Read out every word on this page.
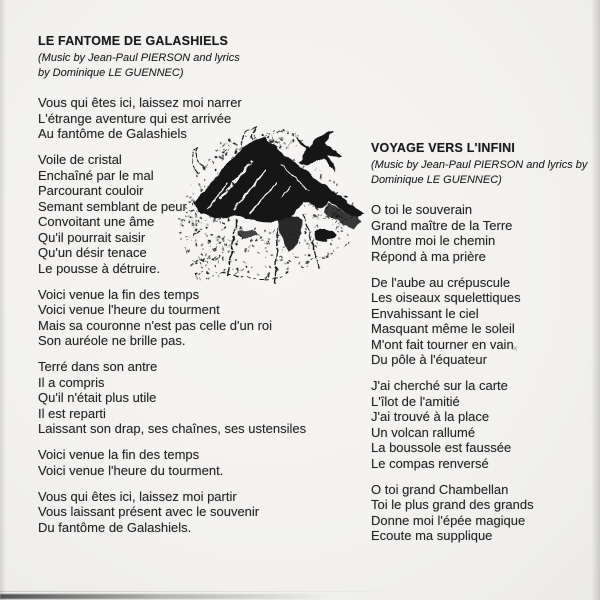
LE FANTOME DE GALASHIELS

(Music by Jean-Paul PIERSON and lyrics
by Dominique LE GUENNEC)

Vous qui êtes ici, laissez moi narrer
L'étrange aventure qui est arrivée
Au fantôme de Galashiels

Voile de cristal
Enchaîné par le mal
Parcourant couloir
Semant semblant de peur
Convoitant une âme
Qu'il pourrait saisir
Qu'un désir tenace
Le pousse à détruire.

Voici venue la fin des temps
Voici venue l'heure du tourment
Mais sa couronne n'est pas celle d'un roi
Son auréole ne brille pas.

Terré dans son antre
Il a compris
Qu'il n'était plus utile
Il est reparti
Laissant son drap, ses chaînes, ses ustensiles

Voici venue la fin des temps
Voici venue l'heure du tourment.

Vous qui êtes ici, laissez moi partir
Vous laissant présent avec le souvenir
Du fantôme de Galashiels.

VOYAGE VERS L'INFINI

(Music by Jean-Paul PIERSON and lyrics by
Dominique LE GUENNEC)

O toi le souverain
Grand maître de la Terre
Montre moi le chemin
Répond à ma prière

De l'aube au crépuscule
Les oiseaux squelettiques
Envahissant le ciel
Masquant même le soleil
M'ont fait tourner en vain
Du pôle à l'équateur

J'ai cherché sur la carte
L'îlot de l'amitié
J'ai trouvé à la place
Un volcan rallumé
La boussole est faussée
Le compas renversé

O toi grand Chambellan
Toi le plus grand des grands
Donne moi l'épée magique
Ecoute ma supplique

×
